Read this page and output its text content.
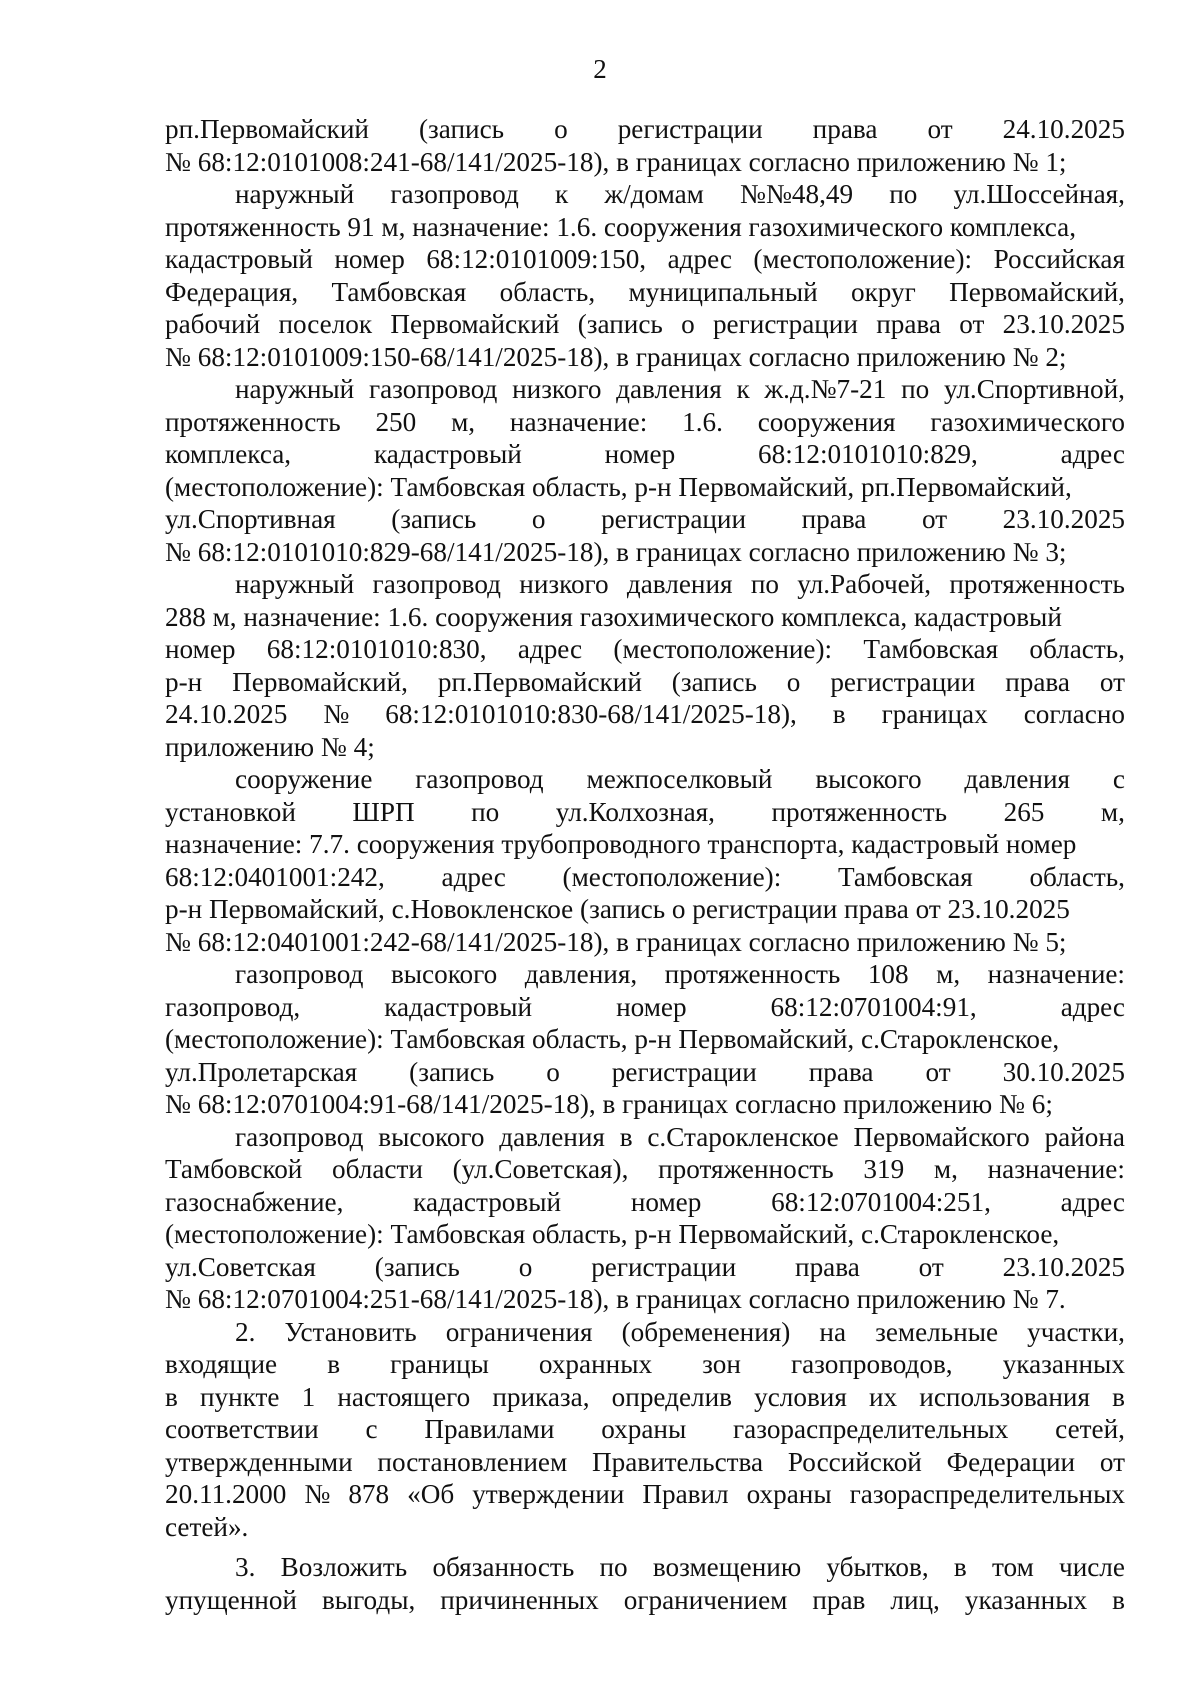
2
рп.Первомайский (запись о регистрации права от 24.10.2025
№ 68:12:0101008:241-68/141/2025-18), в границах согласно приложению № 1;
наружный газопровод к ж/домам №№48,49 по ул.Шоссейная,
протяженность 91 м, назначение: 1.6. сооружения газохимического комплекса,
кадастровый номер 68:12:0101009:150, адрес (местоположение): Российская
Федерация, Тамбовская область, муниципальный округ Первомайский,
рабочий поселок Первомайский (запись о регистрации права от 23.10.2025
№ 68:12:0101009:150-68/141/2025-18), в границах согласно приложению № 2;
наружный газопровод низкого давления к ж.д.№7-21 по ул.Спортивной,
протяженность 250 м, назначение: 1.6. сооружения газохимического
комплекса,	кадастровый	номер	68:12:0101010:829,	адрес
(местоположение): Тамбовская область, р-н Первомайский, рп.Первомайский,
ул.Спортивная (запись о регистрации права от 23.10.2025
№ 68:12:0101010:829-68/141/2025-18), в границах согласно приложению № 3;
наружный газопровод низкого давления по ул.Рабочей, протяженность
288 м, назначение: 1.6. сооружения газохимического комплекса, кадастровый
номер 68:12:0101010:830, адрес (местоположение): Тамбовская область,
р-н Первомайский, рп.Первомайский (запись о регистрации права от
24.10.2025 № 68:12:0101010:830-68/141/2025-18), в границах согласно
приложению № 4;
сооружение газопровод межпоселковый высокого давления с
установкой ШРП по ул.Колхозная, протяженность 265 м,
назначение: 7.7. сооружения трубопроводного транспорта, кадастровый номер
68:12:0401001:242, адрес (местоположение): Тамбовская область,
р-н Первомайский, с.Новокленское (запись о регистрации права от 23.10.2025
№ 68:12:0401001:242-68/141/2025-18), в границах согласно приложению № 5;
газопровод высокого давления, протяженность 108 м, назначение:
газопровод,	кадастровый	номер	68:12:0701004:91,	адрес
(местоположение): Тамбовская область, р-н Первомайский, с.Старокленское,
ул.Пролетарская (запись о регистрации права от 30.10.2025
№ 68:12:0701004:91-68/141/2025-18), в границах согласно приложению № 6;
газопровод высокого давления в с.Старокленское Первомайского района
Тамбовской области (ул.Советская), протяженность 319 м, назначение:
газоснабжение,	кадастровый	номер	68:12:0701004:251,	адрес
(местоположение): Тамбовская область, р-н Первомайский, с.Старокленское,
ул.Советская (запись о регистрации права от 23.10.2025
№ 68:12:0701004:251-68/141/2025-18), в границах согласно приложению № 7.
2. Установить ограничения (обременения) на земельные участки,
входящие в границы охранных зон газопроводов, указанных
в пункте 1 настоящего приказа, определив условия их использования в
соответствии с Правилами охраны газораспределительных сетей,
утвержденными постановлением Правительства Российской Федерации от
20.11.2000 № 878 «Об утверждении Правил охраны газораспределительных
сетей».
3. Возложить обязанность по возмещению убытков, в том числе
упущенной выгоды, причиненных ограничением прав лиц, указанных в
